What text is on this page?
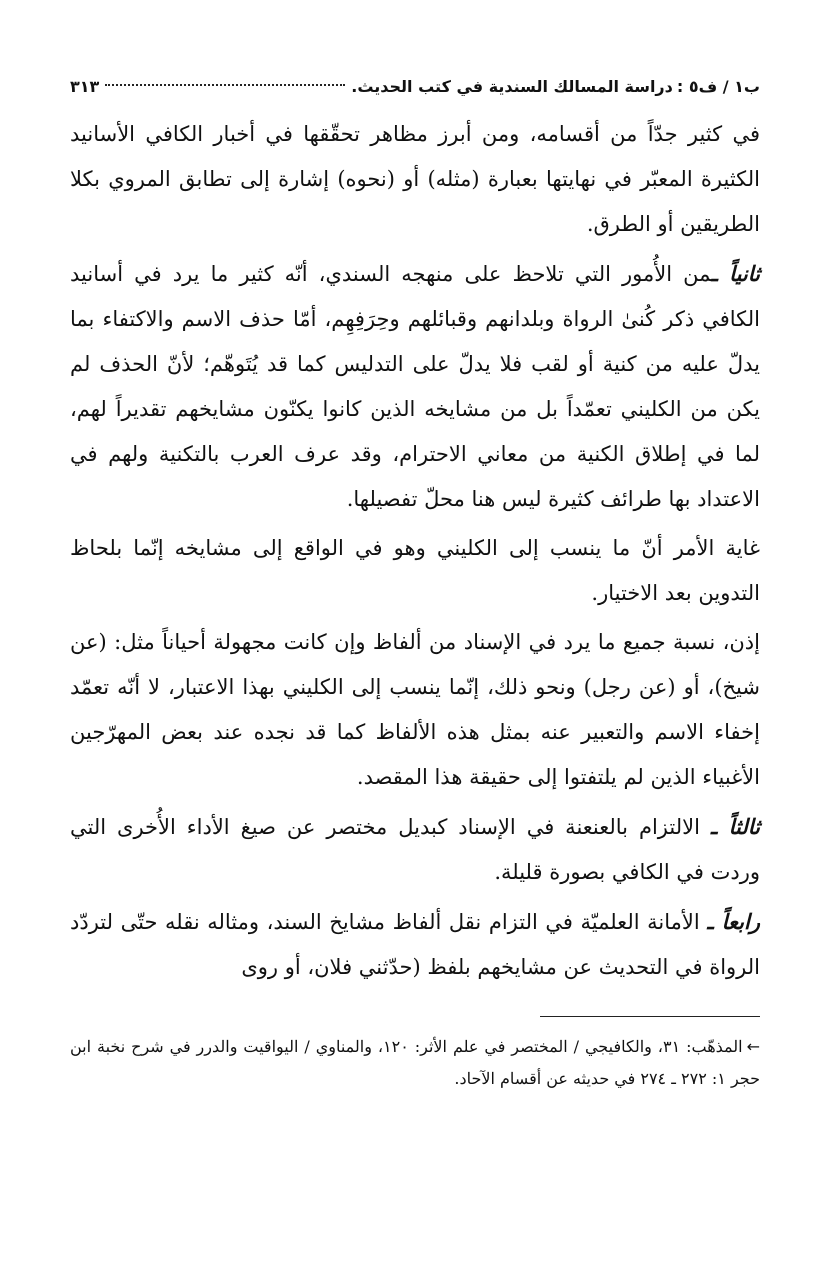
ب١ / ف٥ :
دراسة المسالك السندية في كتب الحديث.
٣١٣

في كثير جدّاً من أقسامه، ومن أبرز مظاهر تحقّقها في أخبار الكافي الأسانيد الكثيرة المعبّر في نهايتها بعبارة (مثله) أو (نحوه) إشارة إلى تطابق المروي بكلا الطريقين أو الطرق.

ثانياً ـمن الأُمور التي تلاحظ على منهجه السندي، أنّه كثير ما يرد في أسانيد الكافي ذكر كُنىٰ الرواة وبلدانهم وقبائلهم وحِرَفِهِم، أمّا حذف الاسم والاكتفاء بما يدلّ عليه من كنية أو لقب فلا يدلّ على التدليس كما قد يُتَوهّم؛ لأنّ الحذف لم يكن من الكليني تعمّداً بل من مشايخه الذين كانوا يكنّون مشايخهم تقديراً لهم، لما في إطلاق الكنية من معاني الاحترام، وقد عرف العرب بالتكنية ولهم في الاعتداد بها طرائف كثيرة ليس هنا محلّ تفصيلها.

غاية الأمر أنّ ما ينسب إلى الكليني وهو في الواقع إلى مشايخه إنّما بلحاظ التدوين بعد الاختيار.

إذن، نسبة جميع ما يرد في الإسناد من ألفاظ وإن كانت مجهولة أحياناً مثل: (عن شيخ)، أو (عن رجل) ونحو ذلك، إنّما ينسب إلى الكليني بهذا الاعتبار، لا أنّه تعمّد إخفاء الاسم والتعبير عنه بمثل هذه الألفاظ كما قد نجده عند بعض المهرّجين الأغبياء الذين لم يلتفتوا إلى حقيقة هذا المقصد.

ثالثاً ـ الالتزام بالعنعنة في الإسناد كبديل مختصر عن صيغ الأداء الأُخرى التي وردت في الكافي بصورة قليلة.

رابعاً ـ الأمانة العلميّة في التزام نقل ألفاظ مشايخ السند، ومثاله نقله حتّى لتردّد الرواة في التحديث عن مشايخهم بلفظ (حدّثني فلان، أو روى

←المذهّب: ٣١، والكافيجي / المختصر في علم الأثر: ١٢٠، والمناوي / اليواقيت والدرر في شرح نخبة ابن حجر ١: ٢٧٢ ـ ٢٧٤ في حديثه عن أقسام الآحاد.
